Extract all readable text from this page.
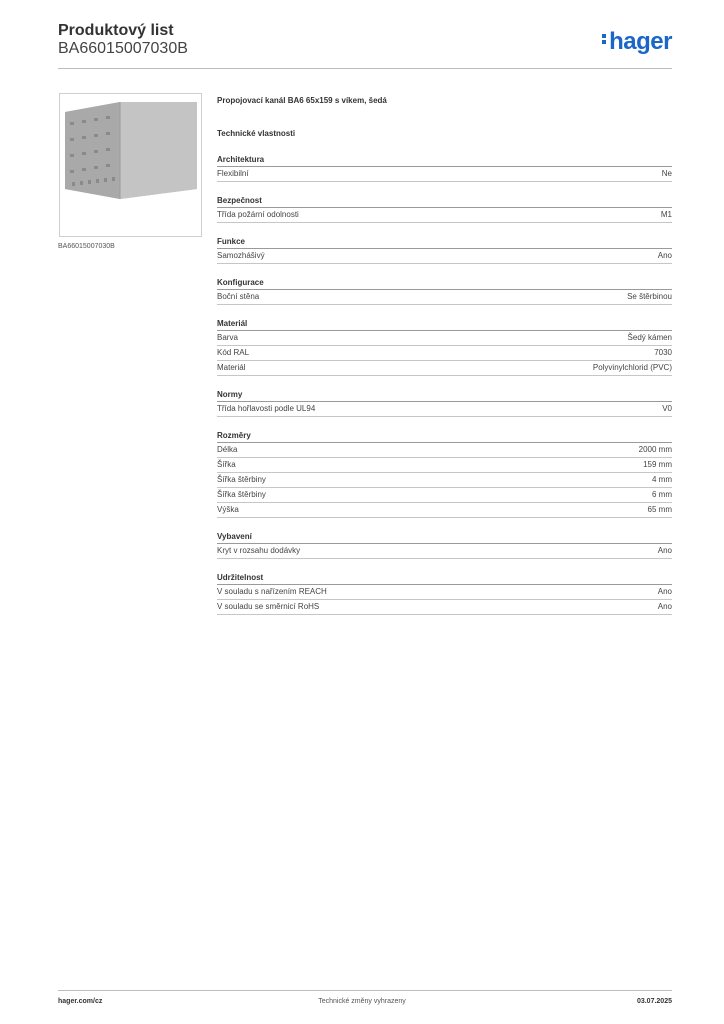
Produktový list
BA66015007030B	hager
BA66015007030B
Propojovací kanál BA6 65x159 s víkem, šedá
Technické vlastnosti
Architektura
Flexibilní	Ne
Bezpečnost
Třída požární odolnosti	M1
Funkce
Samozhášivý	Ano
Konfigurace
Boční stěna	Se štěrbinou
Materiál
Barva	Šedý kámen
Kód RAL	7030
Materiál	Polyvinylchlorid (PVC)
Normy
Třída hořlavosti podle UL94	V0
Rozměry
Délka	2000 mm
Šířka	159 mm
Šířka štěrbiny	4 mm
Šířka štěrbiny	6 mm
Výška	65 mm
Vybavení
Kryt v rozsahu dodávky	Ano
Udržitelnost
V souladu s nařízením REACH	Ano
V souladu se směrnicí RoHS	Ano
hager.com/cz	Technické změny vyhrazeny	03.07.2025
